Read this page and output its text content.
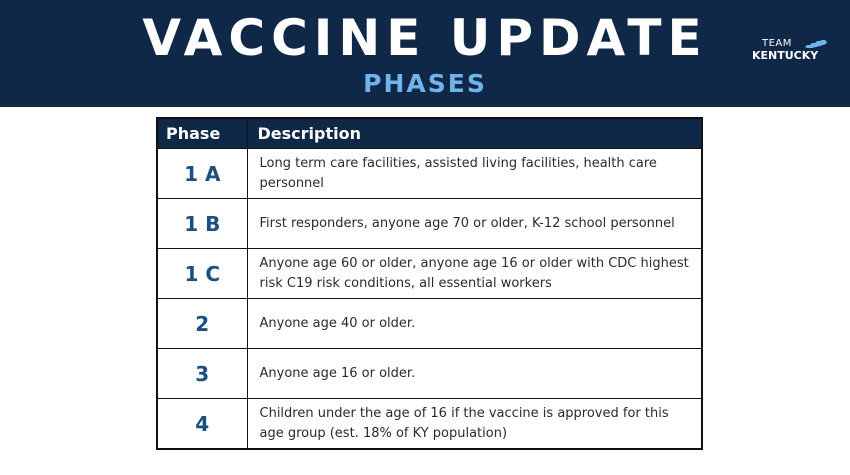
VACCINE UPDATE
PHASES
TEAM
KENTUCKY
Phase	Description
1 A	Long term care facilities, assisted living facilities, health care personnel
1 B	First responders, anyone age 70 or older, K-12 school personnel
1 C	Anyone age 60 or older, anyone age 16 or older with CDC highest risk C19 risk conditions, all essential workers
2	Anyone age 40 or older.
3	Anyone age 16 or older.
4	Children under the age of 16 if the vaccine is approved for this age group (est. 18% of KY population)
